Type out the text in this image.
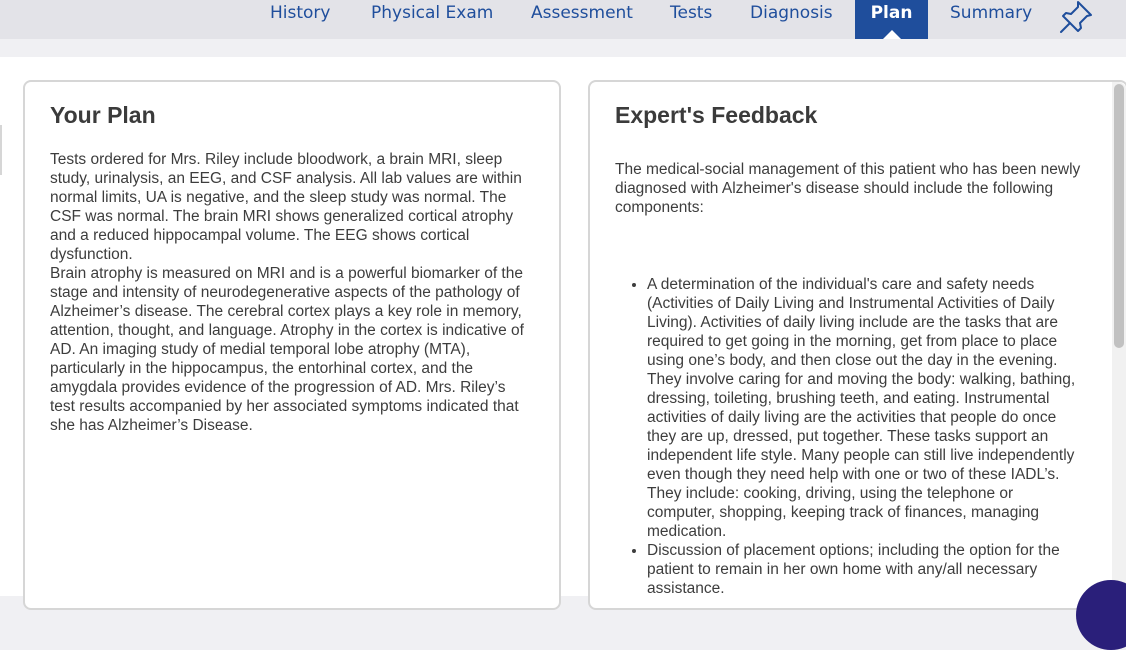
History Physical Exam Assessment Tests Diagnosis	Plan	Summary
Your Plan

Tests ordered for Mrs. Riley include bloodwork, a brain MRI, sleep study, urinalysis, an EEG, and CSF analysis. All lab values are within normal limits, UA is negative, and the sleep study was normal. The CSF was normal. The brain MRI shows generalized cortical atrophy and a reduced hippocampal volume. The EEG shows cortical dysfunction.

Brain atrophy is measured on MRI and is a powerful biomarker of the stage and intensity of neurodegenerative aspects of the pathology of Alzheimer’s disease. The cerebral cortex plays a key role in memory, attention, thought, and language. Atrophy in the cortex is indicative of AD. An imaging study of medial temporal lobe atrophy (MTA), particularly in the hippocampus, the entorhinal cortex, and the amygdala provides evidence of the progression of AD. Mrs. Riley’s test results accompanied by her associated symptoms indicated that she has Alzheimer’s Disease.

Expert's Feedback

The medical-social management of this patient who has been newly diagnosed with Alzheimer's disease should include the following components:

• A determination of the individual's care and safety needs (Activities of Daily Living and Instrumental Activities of Daily Living). Activities of daily living include are the tasks that are required to get going in the morning, get from place to place using one’s body, and then close out the day in the evening. They involve caring for and moving the body: walking, bathing, dressing, toileting, brushing teeth, and eating. Instrumental activities of daily living are the activities that people do once they are up, dressed, put together. These tasks support an independent life style. Many people can still live independently even though they need help with one or two of these IADL’s. They include: cooking, driving, using the telephone or computer, shopping, keeping track of finances, managing medication.
• Discussion of placement options; including the option for the patient to remain in her own home with any/all necessary assistance.
